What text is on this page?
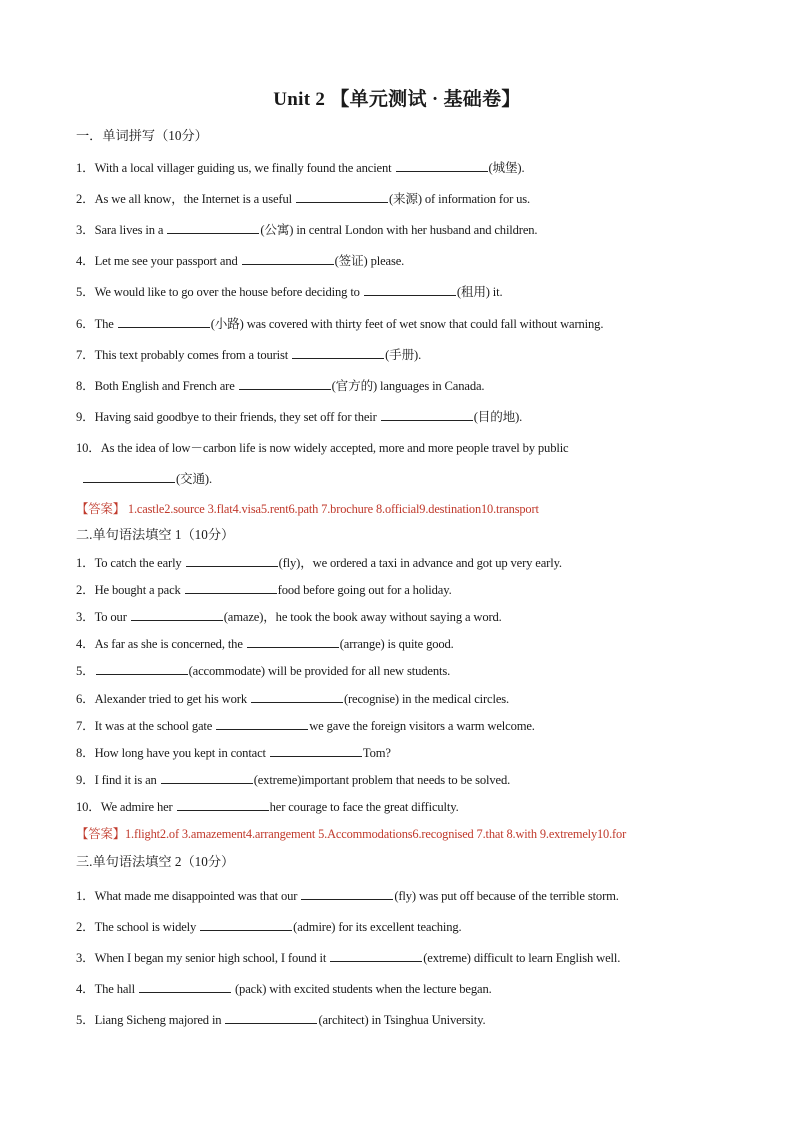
Unit 2 【单元测试 · 基础卷】
一．单词拼写（10分）
1．With a local villager guiding us, we finally found the ancient	(城堡).
2．As we all know，the Internet is a useful	(来源) of information for us.
3．Sara lives in a	(公寓) in central London with her husband and children.
4．Let me see your passport and	(签证) please.
5．We would like to go over the house before deciding to	(租用) it.
6．The	(小路) was covered with thirty feet of wet snow that could fall without warning.
7．This text probably comes from a tourist	(手册).
8．Both English and French are	(官方的) languages in Canada.
9．Having said goodbye to their friends, they set off for their	(目的地).
10．As the idea of low－carbon life is now widely accepted, more and more people travel by public
(交通).
【答案】 1.castle2.source 3.flat4.visa5.rent6.path 7.brochure 8.official9.destination10.transport
二.单句语法填空 1（10分）
1．To catch the early	(fly)，we ordered a taxi in advance and got up very early.
2．He bought a pack	food before going out for a holiday.
3．To our	(amaze)，he took the book away without saying a word.
4．As far as she is concerned, the	(arrange) is quite good.
5．	(accommodate) will be provided for all new students.
6．Alexander tried to get his work	(recognise) in the medical circles.
7．It was at the school gate	we gave the foreign visitors a warm welcome.
8．How long have you kept in contact	Tom?
9．I find it is an	(extreme)important problem that needs to be solved.
10．We admire her	her courage to face the great difficulty.
【答案】1.flight2.of 3.amazement4.arrangement 5.Accommodations6.recognised 7.that 8.with 9.extremely10.for
三.单句语法填空 2（10分）
1．What made me disappointed was that our	(fly) was put off because of the terrible storm.
2．The school is widely	(admire) for its excellent teaching.
3．When I began my senior high school, I found it	(extreme) difficult to learn English well.
4．The hall	(pack) with excited students when the lecture began.
5．Liang Sicheng majored in	(architect) in Tsinghua University.
